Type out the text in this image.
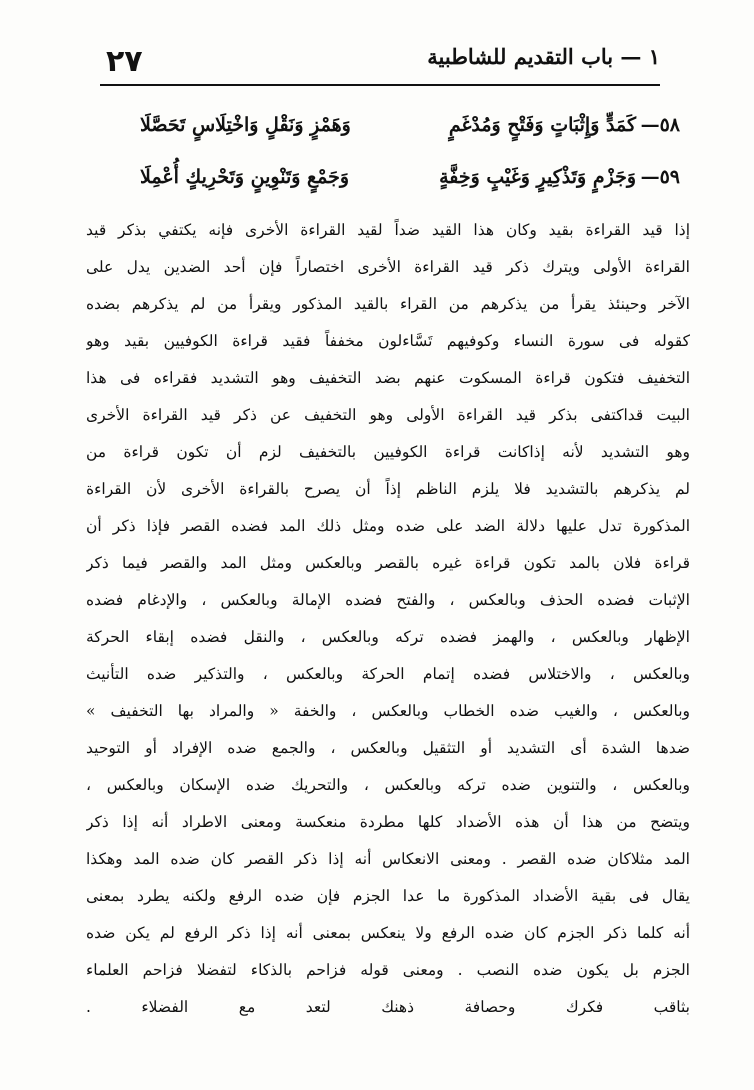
٢٧	١ — باب التقديم للشاطبية
٥٨—
كَمَدٍّ وَإِثْبَاتٍ وَفَتْحٍ وَمُدْغَمٍ
وَهَمْزٍ وَنَقْلٍ وَاخْتِلَاسٍ تَحَصَّلَا
٥٩—
وَجَزْمٍ وَتَذْكِيرٍ وَغَيْبٍ وَخِفَّةٍ
وَجَمْعٍ وَتَنْوِينٍ وَتَحْرِيكٍ أُعْمِلَا
إذا قيد القراءة بقيد وكان هذا القيد ضداً لقيد القراءة الأخرى فإنه يكتفي بذكر قيد
القراءة الأولى ويترك ذكر قيد القراءة الأخرى اختصاراً فإن أحد الضدين يدل على
الآخر وحينئذ يقرأ من يذكرهم من القراء بالقيد المذكور ويقرأ من لم يذكرهم بضده
كقوله فى سورة النساء وكوفيهم تَسَّاءلون مخففاً فقيد قراءة الكوفيين بقيد وهو
التخفيف فتكون قراءة المسكوت عنهم بضد التخفيف وهو التشديد فقراءه فى هذا
البيت قداكتفى بذكر قيد القراءة الأولى وهو التخفيف عن ذكر قيد القراءة الأخرى
وهو التشديد لأنه إذاكانت قراءة الكوفيين بالتخفيف لزم أن تكون قراءة من
لم يذكرهم بالتشديد فلا يلزم الناظم إذاً أن يصرح بالقراءة الأخرى لأن القراءة
المذكورة تدل عليها دلالة الضد على ضده ومثل ذلك المد فضده القصر فإذا ذكر أن
قراءة فلان بالمد تكون قراءة غيره بالقصر وبالعكس ومثل المد والقصر فيما ذكر
الإثبات فضده الحذف وبالعكس ، والفتح فضده الإمالة وبالعكس ، والإدغام فضده
الإظهار وبالعكس ، والهمز فضده تركه وبالعكس ، والنقل فضده إبقاء الحركة
وبالعكس ، والاختلاس فضده إتمام الحركة وبالعكس ، والتذكير ضده التأنيث
وبالعكس ، والغيب ضده الخطاب وبالعكس ، والخفة « والمراد بها التخفيف »
ضدها الشدة أى التشديد أو التثقيل وبالعكس ، والجمع ضده الإفراد أو التوحيد
وبالعكس ، والتنوين ضده تركه وبالعكس ، والتحريك ضده الإسكان وبالعكس ،
ويتضح من هذا أن هذه الأضداد كلها مطردة منعكسة ومعنى الاطراد أنه إذا ذكر
المد مثلاكان ضده القصر . ومعنى الانعكاس أنه إذا ذكر القصر كان ضده المد وهكذا
يقال فى بقية الأضداد المذكورة ما عدا الجزم فإن ضده الرفع ولكنه يطرد بمعنى
أنه كلما ذكر الجزم كان ضده الرفع ولا ينعكس بمعنى أنه إذا ذكر الرفع لم يكن ضده
الجزم بل يكون ضده النصب . ومعنى قوله فزاحم بالذكاء لتفضلا فزاحم العلماء
بثاقب فكرك وحصافة ذهنك لتعد مع الفضلاء .
